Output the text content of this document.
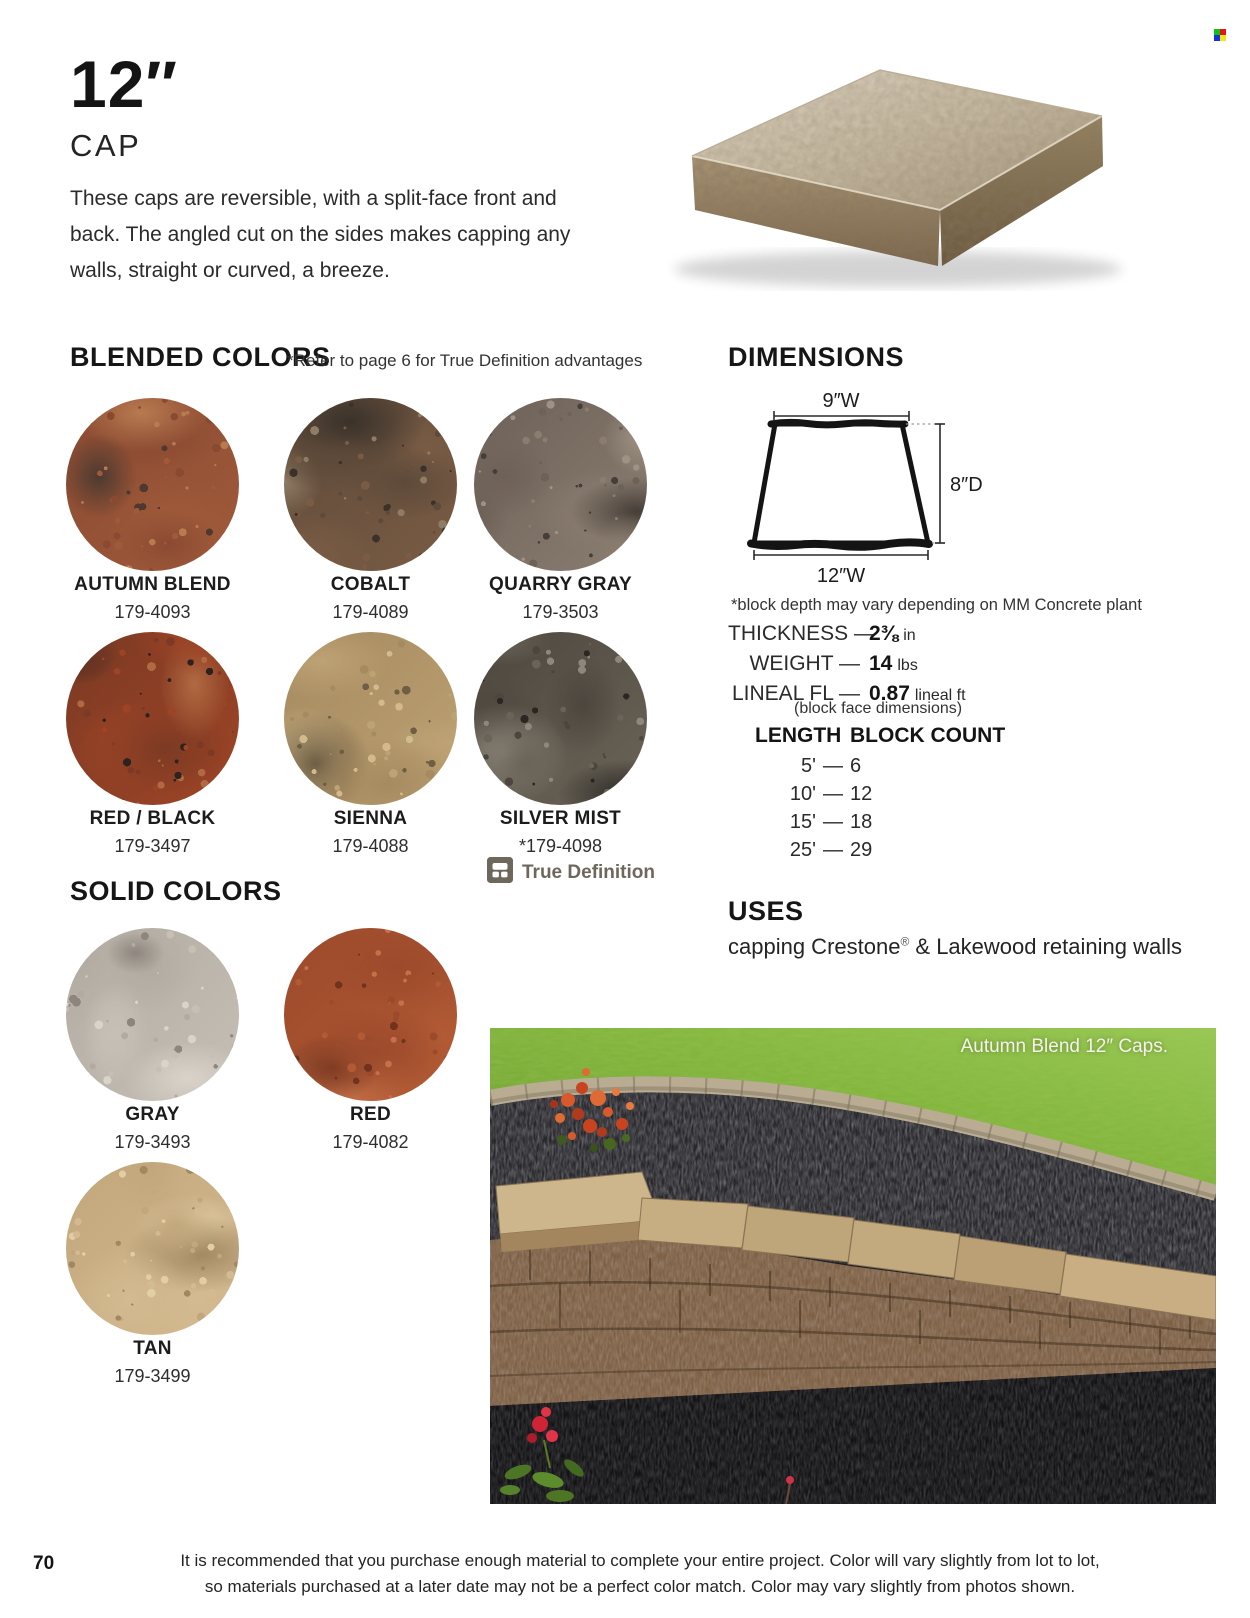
12″
CAP

These caps are reversible, with a split-face front and back. The angled cut on the sides makes capping any walls, straight or curved, a breeze.

BLENDED COLORS
*Refer to page 6 for True Definition advantages
AUTUMN BLEND
179-4093
COBALT
179-4089
QUARRY GRAY
179-3503
RED / BLACK
179-3497
SIENNA
179-4088
SILVER MIST
*179-4098
True Definition
SOLID COLORS
GRAY
179-3493
RED
179-4082
TAN
179-3499
DIMENSIONS
9″W
8″D
12″W
*block depth may vary depending on MM Concrete plant
THICKNESS —2⅜ in
WEIGHT — 14 lbs
LINEAL FL — 0.87 lineal ft
(block face dimensions)
LENGTH BLOCK COUNT
5' — 6
10' — 12
15' — 18
25' — 29
USES
capping Crestone® & Lakewood retaining walls
Autumn Blend 12″ Caps.
70	It is recommended that you purchase enough material to complete your entire project. Color will vary slightly from lot to lot,
so materials purchased at a later date may not be a perfect color match. Color may vary slightly from photos shown.
